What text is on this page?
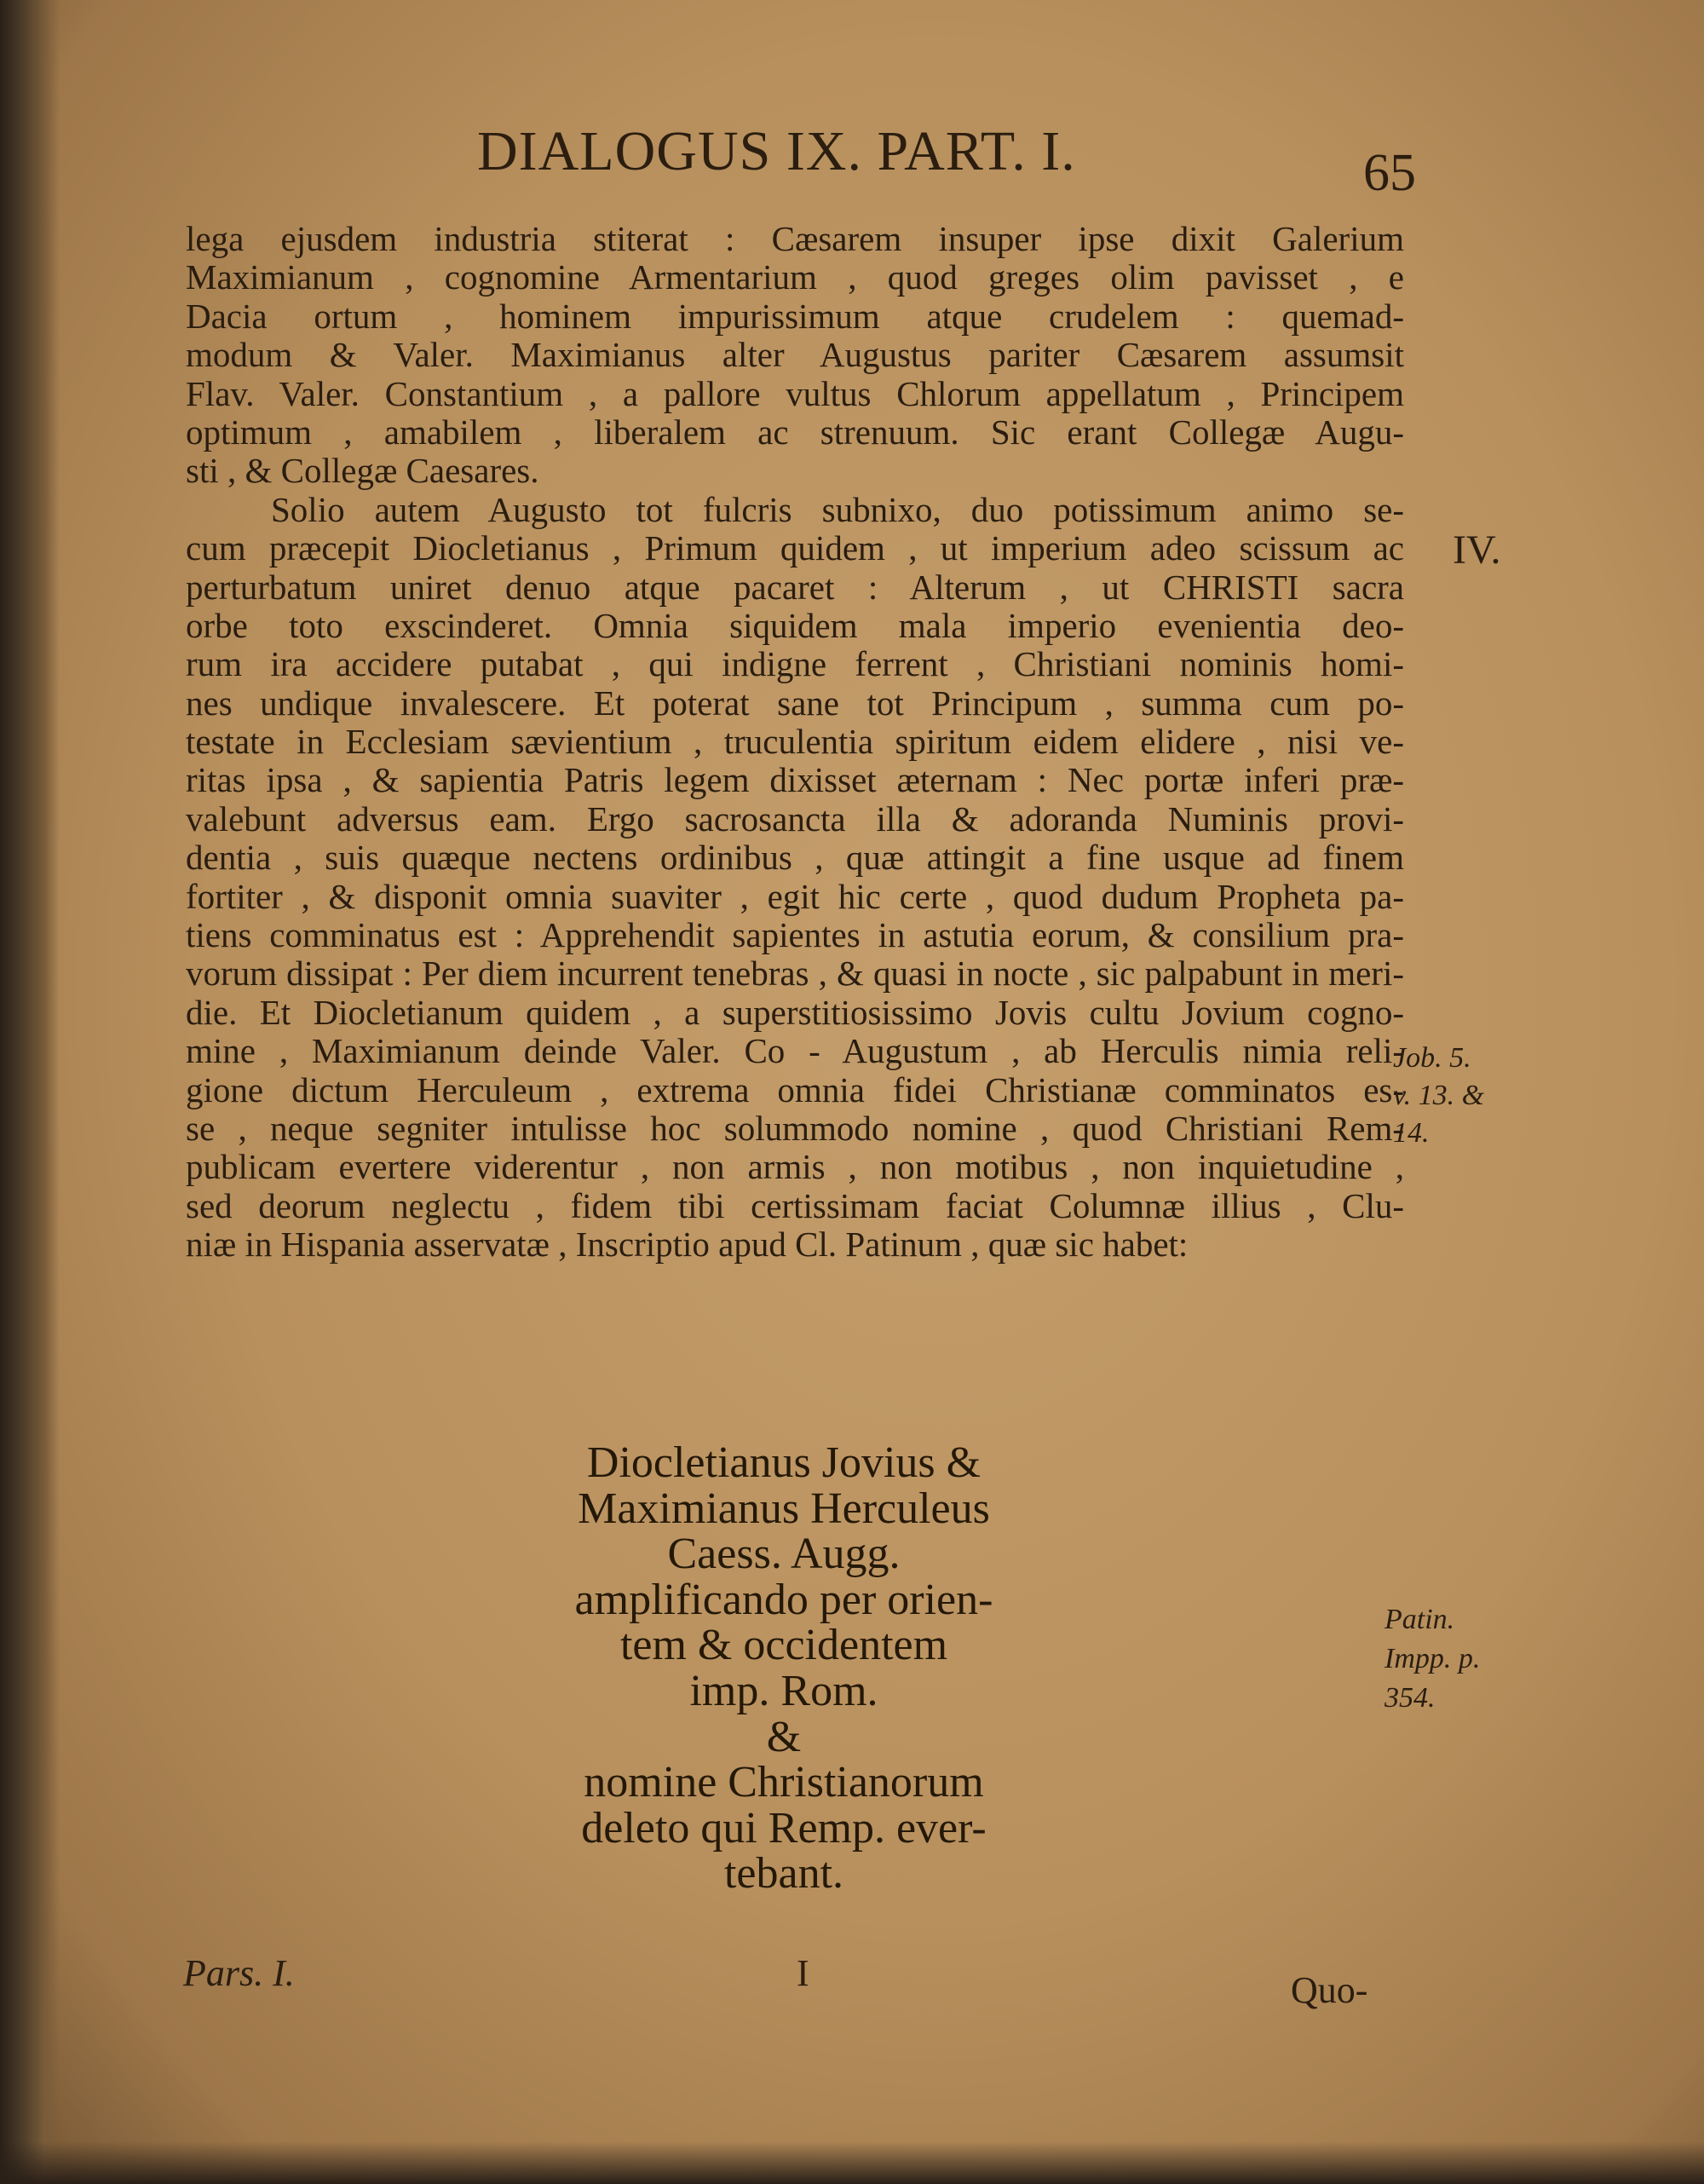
DIALOGUS IX. PART. I.	65
lega ejusdem industria stiterat : Cæsarem insuper ipse dixit Galerium
Maximianum , cognomine Armentarium , quod greges olim pavisset , e
Dacia ortum , hominem impurissimum atque crudelem : quemad-
modum & Valer. Maximianus alter Augustus pariter Cæsarem assumsit
Flav. Valer. Constantium , a pallore vultus Chlorum appellatum , Principem
optimum , amabilem , liberalem ac strenuum. Sic erant Collegæ Augu-
sti , & Collegæ Caesares.
Solio autem Augusto tot fulcris subnixo, duo potissimum animo se-
cum præcepit Diocletianus , Primum quidem , ut imperium adeo scissum ac
perturbatum uniret denuo atque pacaret : Alterum , ut CHRISTI sacra
orbe toto exscinderet. Omnia siquidem mala imperio evenientia deo-
rum ira accidere putabat , qui indigne ferrent , Christiani nominis homi-
nes undique invalescere. Et poterat sane tot Principum , summa cum po-
testate in Ecclesiam sævientium , truculentia spiritum eidem elidere , nisi ve-
ritas ipsa , & sapientia Patris legem dixisset æternam : Nec portæ inferi præ-
valebunt adversus eam. Ergo sacrosancta illa & adoranda Numinis provi-
dentia , suis quæque nectens ordinibus , quæ attingit a fine usque ad finem
fortiter , & disponit omnia suaviter , egit hic certe , quod dudum Propheta pa-
tiens comminatus est : Apprehendit sapientes in astutia eorum, & consilium pra-
vorum dissipat : Per diem incurrent tenebras , & quasi in nocte , sic palpabunt in meri-
die. Et Diocletianum quidem , a superstitiosissimo Jovis cultu Jovium cogno-
mine , Maximianum deinde Valer. Co - Augustum , ab Herculis nimia reli-
gione dictum Herculeum , extrema omnia fidei Christianæ comminatos es-
se , neque segniter intulisse hoc solummodo nomine , quod Christiani Rem-
publicam evertere viderentur , non armis , non motibus , non inquietudine ,
sed deorum neglectu , fidem tibi certissimam faciat Columnæ illius , Clu-
niæ in Hispania asservatæ , Inscriptio apud Cl. Patinum , quæ sic habet:
IV.
Job. 5.
v. 13. &
14.
Patin.
Impp. p.
354.
Diocletianus Jovius &
Maximianus Herculeus
Caess. Augg.
amplificando per orien-
tem & occidentem
imp. Rom.
&
nomine Christianorum
deleto qui Remp. ever-
tebant.
Pars. I.	I	Quo-
